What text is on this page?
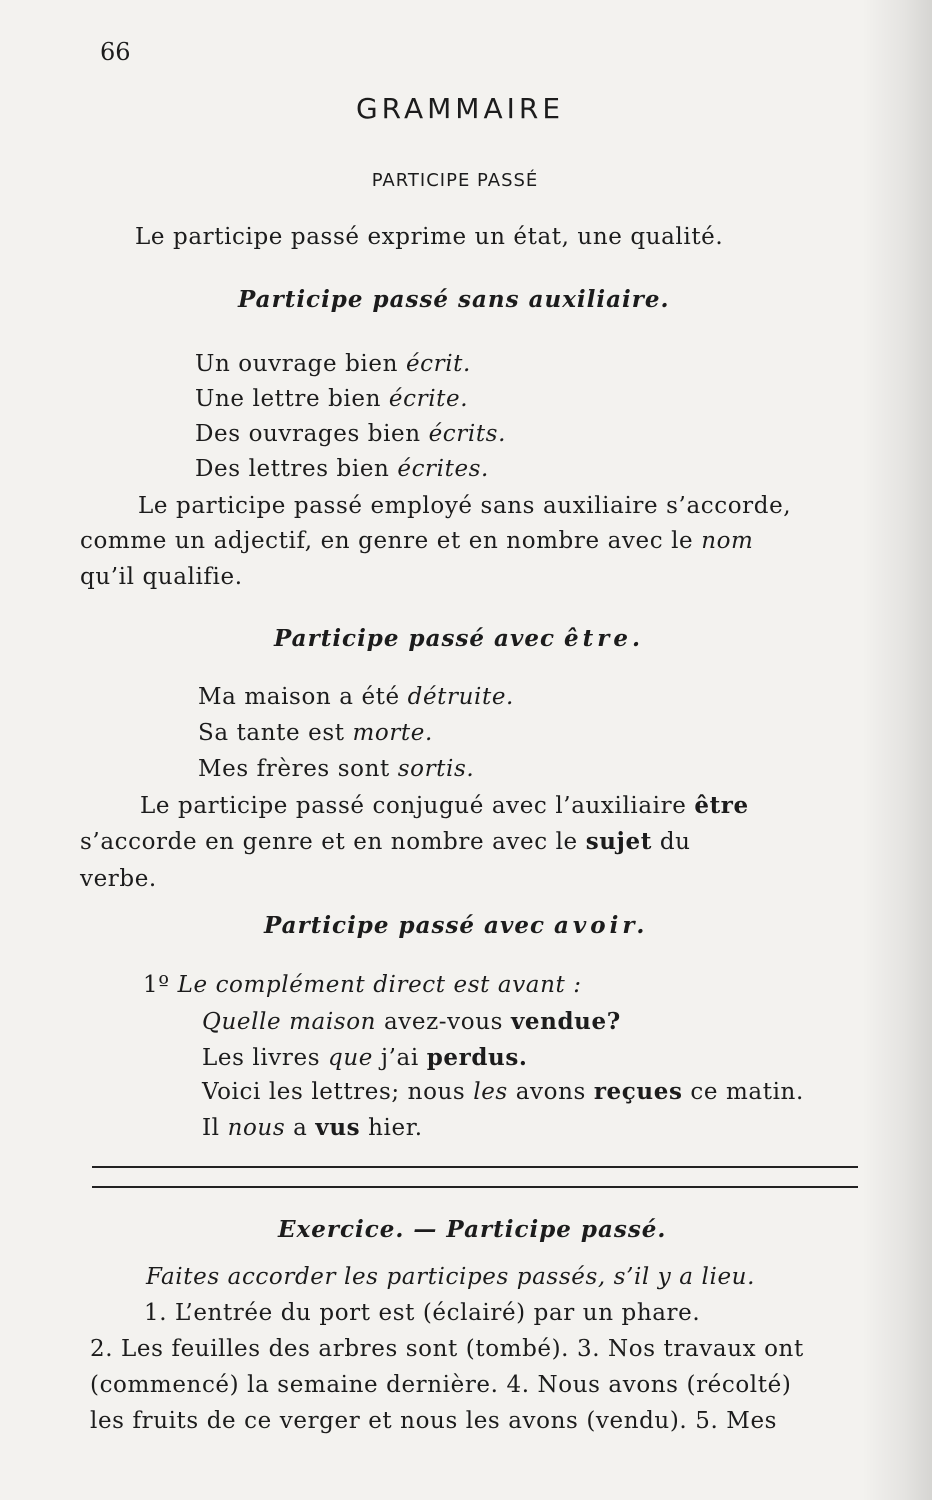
66
GRAMMAIRE
PARTICIPE PASSÉ
Le participe passé exprime un état, une qualité.
Participe passé sans auxiliaire.
Un ouvrage bien écrit.
Une lettre bien écrite.
Des ouvrages bien écrits.
Des lettres bien écrites.
Le participe passé employé sans auxiliaire s’accorde,
comme un adjectif, en genre et en nombre avec le nom
qu’il qualifie.
Participe passé avec être.
Ma maison a été détruite.
Sa tante est morte.
Mes frères sont sortis.
Le participe passé conjugué avec l’auxiliaire être
s’accorde en genre et en nombre avec le sujet du
verbe.
Participe passé avec avoir.
1º Le complément direct est avant :
Quelle maison avez-vous vendue?
Les livres que j’ai perdus.
Voici les lettres; nous les avons reçues ce matin.
Il nous a vus hier.
Exercice. — Participe passé.
Faites accorder les participes passés, s’il y a lieu.
1. L’entrée du port est (éclairé) par un phare.
2. Les feuilles des arbres sont (tombé). 3. Nos travaux ont
(commencé) la semaine dernière. 4. Nous avons (récolté)
les fruits de ce verger et nous les avons (vendu). 5. Mes
